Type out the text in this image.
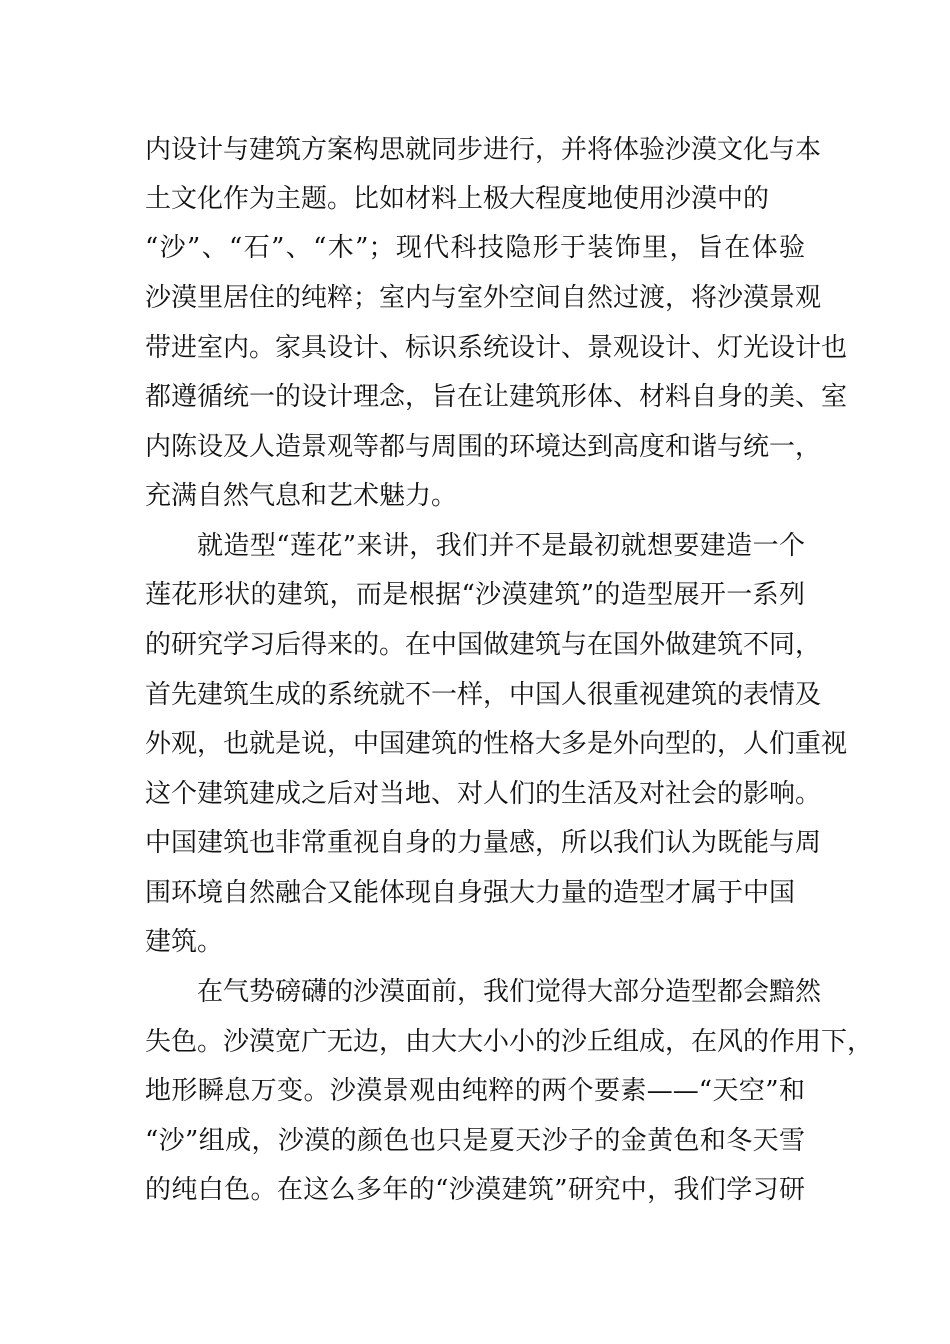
内设计与建筑方案构思就同步进行，并将体验沙漠文化与本
土文化作为主题。比如材料上极大程度地使用沙漠中的
“沙”、“石”、“木”；现代科技隐形于装饰里，旨在体验
沙漠里居住的纯粹；室内与室外空间自然过渡，将沙漠景观
带进室内。家具设计、标识系统设计、景观设计、灯光设计也
都遵循统一的设计理念，旨在让建筑形体、材料自身的美、室
内陈设及人造景观等都与周围的环境达到高度和谐与统一，
充满自然气息和艺术魅力。
就造型“莲花”来讲，我们并不是最初就想要建造一个
莲花形状的建筑，而是根据“沙漠建筑”的造型展开一系列
的研究学习后得来的。在中国做建筑与在国外做建筑不同，
首先建筑生成的系统就不一样，中国人很重视建筑的表情及
外观，也就是说，中国建筑的性格大多是外向型的，人们重视
这个建筑建成之后对当地、对人们的生活及对社会的影响。
中国建筑也非常重视自身的力量感，所以我们认为既能与周
围环境自然融合又能体现自身强大力量的造型才属于中国
建筑。
在气势磅礴的沙漠面前，我们觉得大部分造型都会黯然
失色。沙漠宽广无边，由大大小小的沙丘组成，在风的作用下，
地形瞬息万变。沙漠景观由纯粹的两个要素——“天空”和
“沙”组成，沙漠的颜色也只是夏天沙子的金黄色和冬天雪
的纯白色。在这么多年的“沙漠建筑”研究中，我们学习研
